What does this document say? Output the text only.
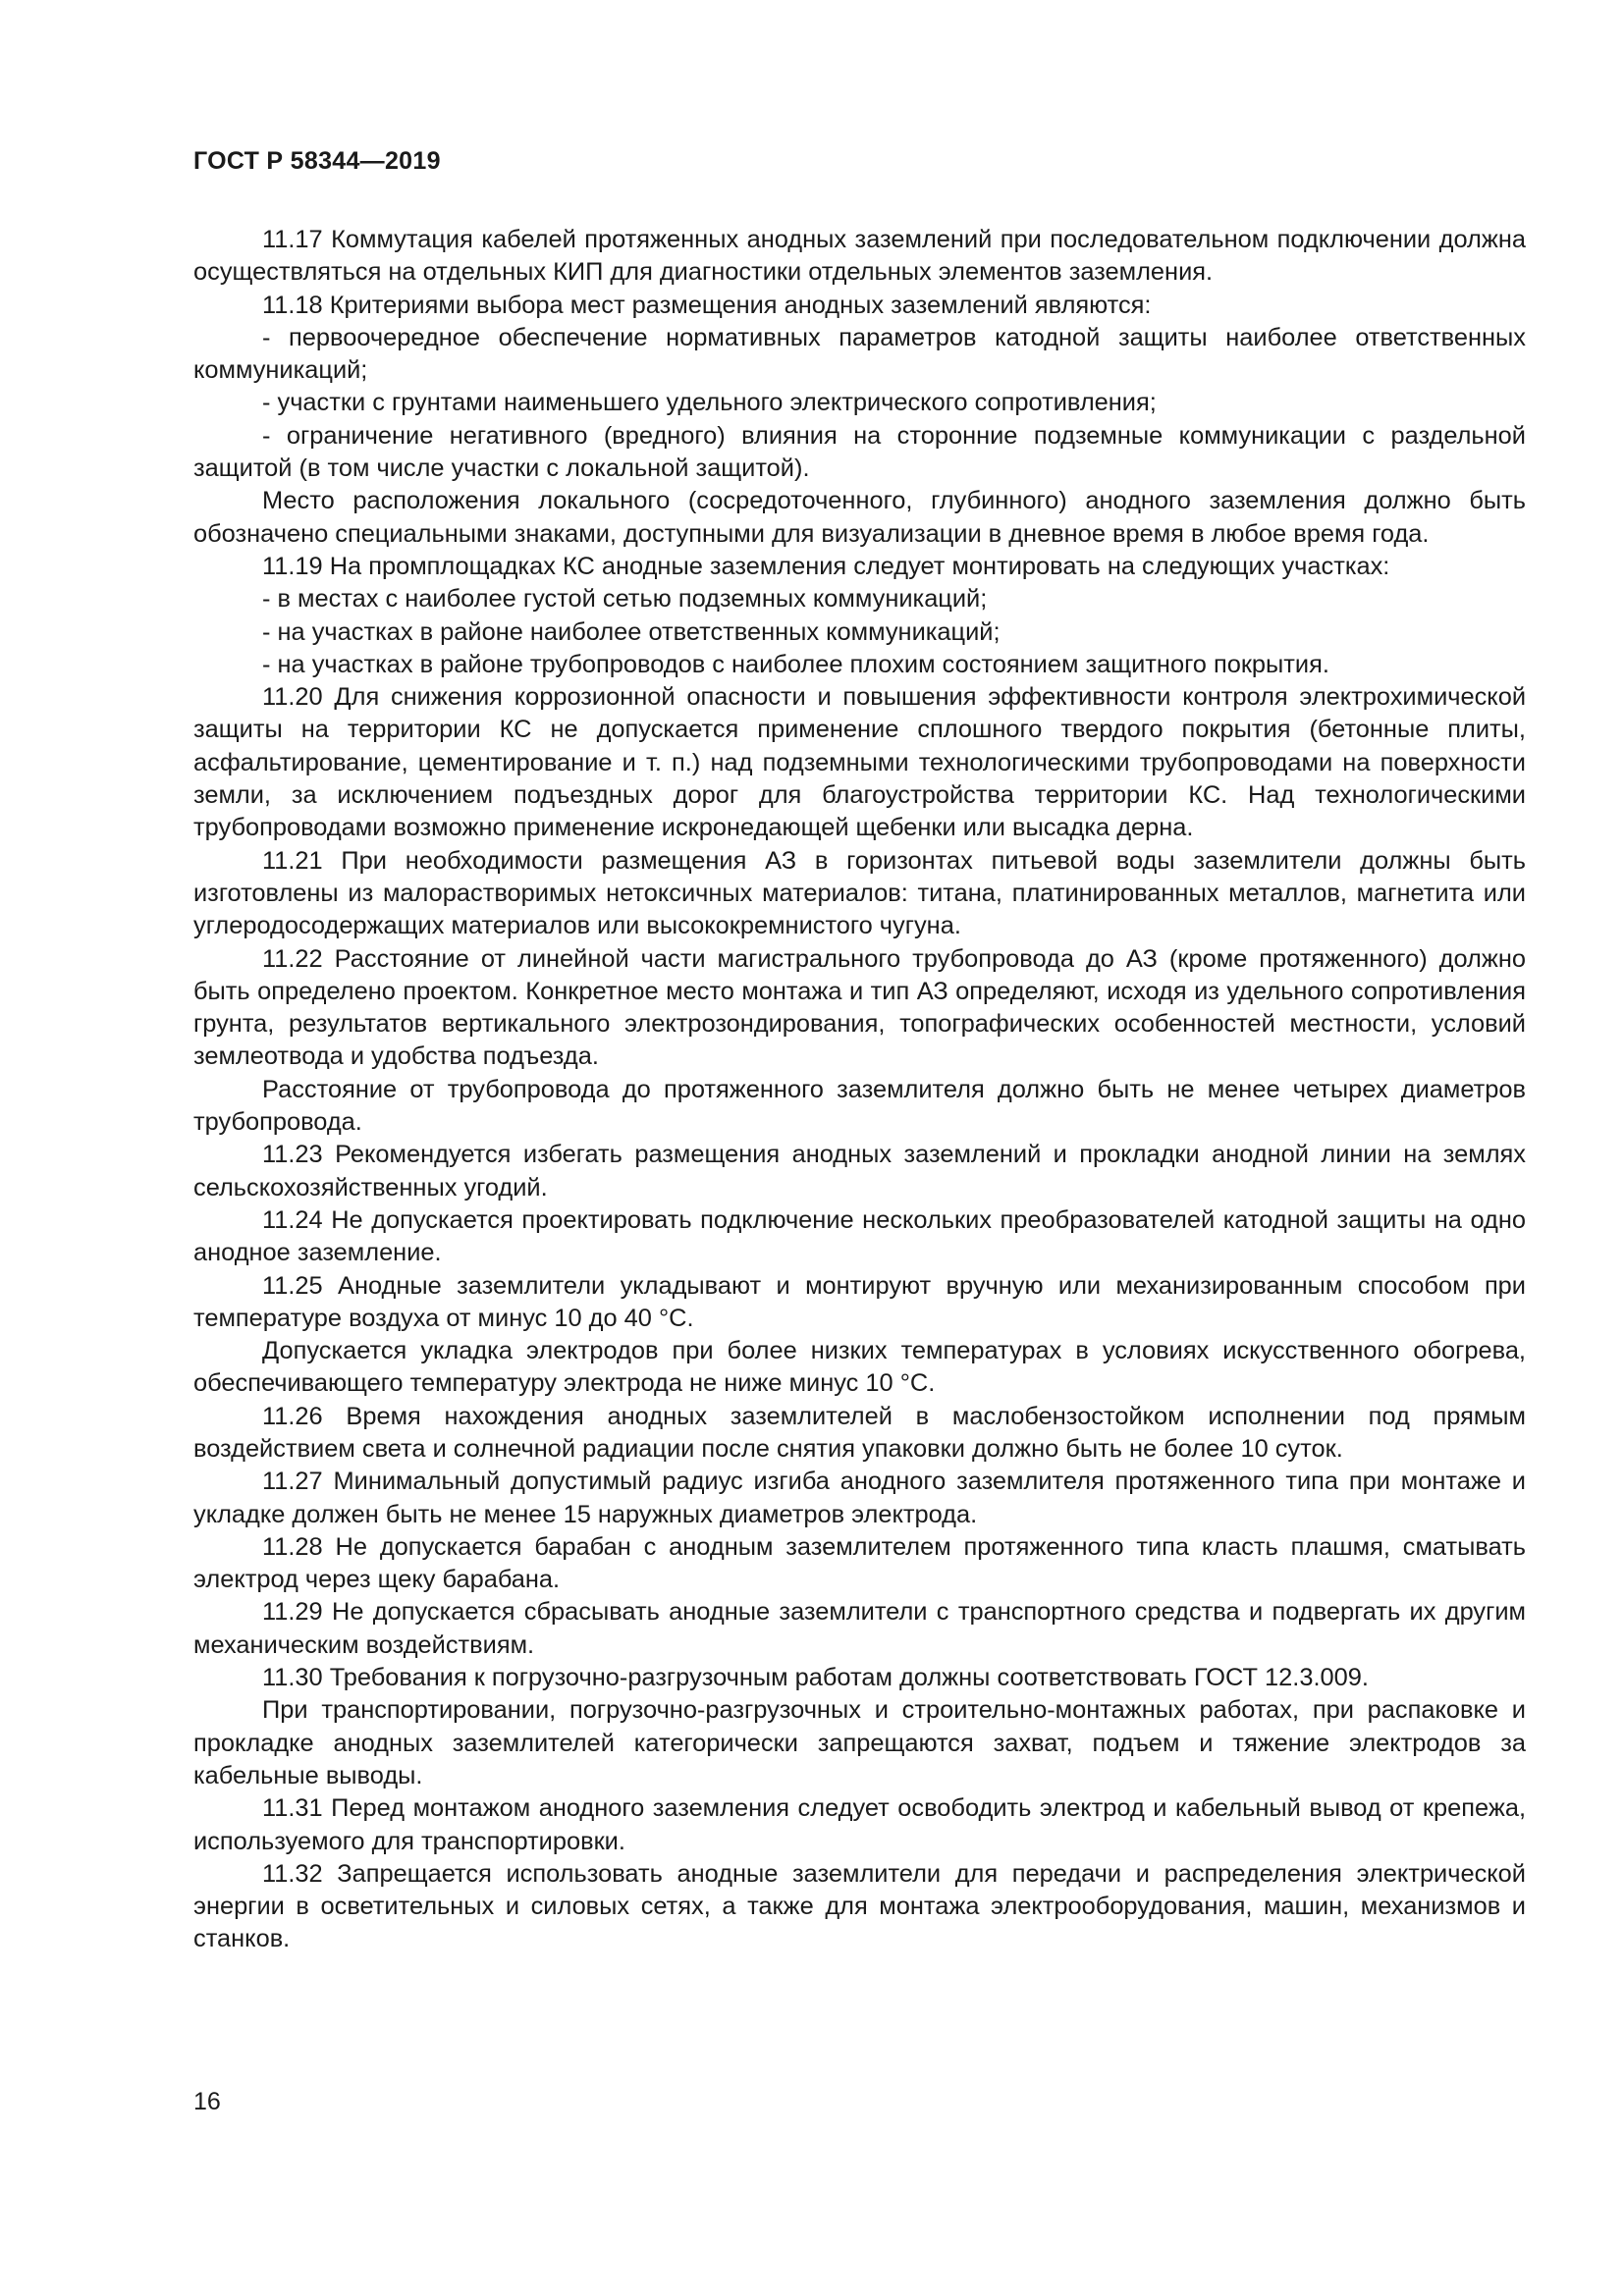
ГОСТ Р 58344—2019

11.17 Коммутация кабелей протяженных анодных заземлений при последовательном подключении должна осуществляться на отдельных КИП для диагностики отдельных элементов заземления.

11.18 Критериями выбора мест размещения анодных заземлений являются:

- первоочередное обеспечение нормативных параметров катодной защиты наиболее ответственных коммуникаций;

- участки с грунтами наименьшего удельного электрического сопротивления;

- ограничение негативного (вредного) влияния на сторонние подземные коммуникации с раздельной защитой (в том числе участки с локальной защитой).

Место расположения локального (сосредоточенного, глубинного) анодного заземления должно быть обозначено специальными знаками, доступными для визуализации в дневное время в любое время года.

11.19 На промплощадках КС анодные заземления следует монтировать на следующих участках:

- в местах с наиболее густой сетью подземных коммуникаций;

- на участках в районе наиболее ответственных коммуникаций;

- на участках в районе трубопроводов с наиболее плохим состоянием защитного покрытия.

11.20 Для снижения коррозионной опасности и повышения эффективности контроля электрохимической защиты на территории КС не допускается применение сплошного твердого покрытия (бетонные плиты, асфальтирование, цементирование и т. п.) над подземными технологическими трубопроводами на поверхности земли, за исключением подъездных дорог для благоустройства территории КС. Над технологическими трубопроводами возможно применение искронедающей щебенки или высадка дерна.

11.21 При необходимости размещения АЗ в горизонтах питьевой воды заземлители должны быть изготовлены из малорастворимых нетоксичных материалов: титана, платинированных металлов, магнетита или углеродосодержащих материалов или высококремнистого чугуна.

11.22 Расстояние от линейной части магистрального трубопровода до АЗ (кроме протяженного) должно быть определено проектом. Конкретное место монтажа и тип АЗ определяют, исходя из удельного сопротивления грунта, результатов вертикального электрозондирования, топографических особенностей местности, условий землеотвода и удобства подъезда.

Расстояние от трубопровода до протяженного заземлителя должно быть не менее четырех диаметров трубопровода.

11.23 Рекомендуется избегать размещения анодных заземлений и прокладки анодной линии на землях сельскохозяйственных угодий.

11.24 Не допускается проектировать подключение нескольких преобразователей катодной защиты на одно анодное заземление.

11.25 Анодные заземлители укладывают и монтируют вручную или механизированным способом при температуре воздуха от минус 10 до 40 °С.

Допускается укладка электродов при более низких температурах в условиях искусственного обогрева, обеспечивающего температуру электрода не ниже минус 10 °С.

11.26 Время нахождения анодных заземлителей в маслобензостойком исполнении под прямым воздействием света и солнечной радиации после снятия упаковки должно быть не более 10 суток.

11.27 Минимальный допустимый радиус изгиба анодного заземлителя протяженного типа при монтаже и укладке должен быть не менее 15 наружных диаметров электрода.

11.28 Не допускается барабан с анодным заземлителем протяженного типа класть плашмя, сматывать электрод через щеку барабана.

11.29 Не допускается сбрасывать анодные заземлители с транспортного средства и подвергать их другим механическим воздействиям.

11.30 Требования к погрузочно-разгрузочным работам должны соответствовать ГОСТ 12.3.009.

При транспортировании, погрузочно-разгрузочных и строительно-монтажных работах, при распаковке и прокладке анодных заземлителей категорически запрещаются захват, подъем и тяжение электродов за кабельные выводы.

11.31 Перед монтажом анодного заземления следует освободить электрод и кабельный вывод от крепежа, используемого для транспортировки.

11.32 Запрещается использовать анодные заземлители для передачи и распределения электрической энергии в осветительных и силовых сетях, а также для монтажа электрооборудования, машин, механизмов и станков.

16
